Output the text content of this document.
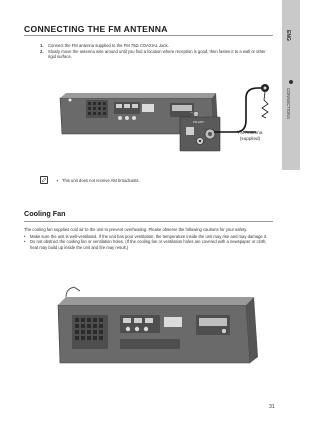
CONNECTING THE FM ANTENNA
ENG
CONNECTIONS
1.	Connect the FM antenna supplied to the FM 75Ω COAXIAL Jack.
2.	Slowly move the antenna wire around until you find a location where reception is good, then fasten it to a wall or other rigid surface.
FM ANT
FM Antenna
(supplied)
✶ This unit does not receive AM broadcasts.
Cooling Fan

The cooling fan supplies cool air to the unit to prevent overheating. Please observe the following cautions for your safety.

• Make sure the unit is well-ventilated. If the unit has poor ventilation, the temperature inside the unit may rise and may damage it.
• Do not obstruct the cooling fan or ventilation holes. (If the cooling fan or ventilation holes are covered with a newspaper or cloth, heat may build up inside the unit and fire may result.)
31
